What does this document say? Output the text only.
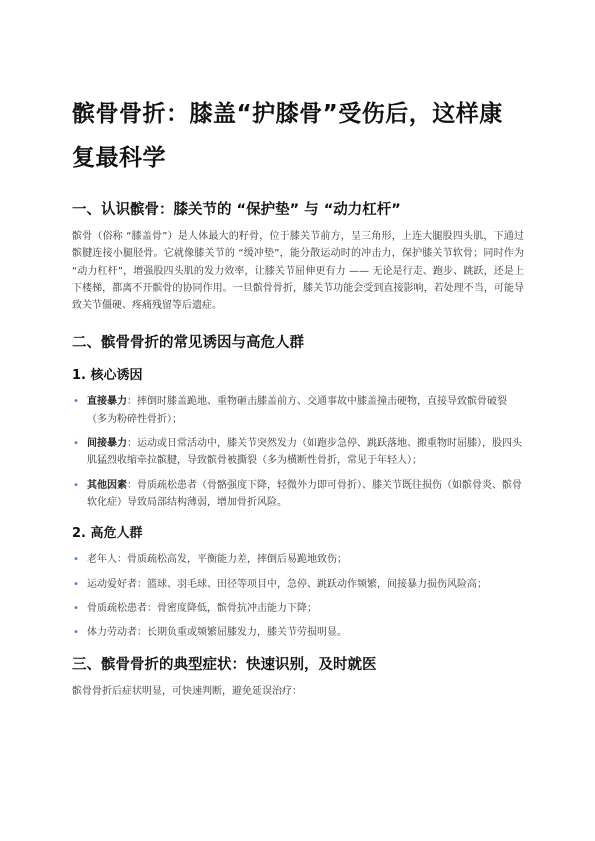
髌骨骨折：膝盖“护膝骨”受伤后，这样康复最科学
一、认识髌骨：膝关节的 “保护垫” 与 “动力杠杆”

髌骨（俗称 “膝盖骨”）是人体最大的籽骨，位于膝关节前方，呈三角形，上连大腿股四头肌，下通过髌腱连接小腿胫骨。它就像膝关节的 “缓冲垫”，能分散运动时的冲击力，保护膝关节软骨；同时作为 “动力杠杆”，增强股四头肌的发力效率，让膝关节屈伸更有力 —— 无论是行走、跑步、跳跃，还是上下楼梯，都离不开髌骨的协同作用。一旦髌骨骨折，膝关节功能会受到直接影响，若处理不当，可能导致关节僵硬、疼痛残留等后遗症。

二、髌骨骨折的常见诱因与高危人群
1. 核心诱因
• 直接暴力：摔倒时膝盖跪地、重物砸击膝盖前方、交通事故中膝盖撞击硬物，直接导致髌骨破裂（多为粉碎性骨折）；
• 间接暴力：运动或日常活动中，膝关节突然发力（如跑步急停、跳跃落地、搬重物时屈膝），股四头肌猛烈收缩牵拉髌腱，导致髌骨被撕裂（多为横断性骨折，常见于年轻人）；
• 其他因素：骨质疏松患者（骨骼强度下降，轻微外力即可骨折）、膝关节既往损伤（如髌骨炎、髌骨软化症）导致局部结构薄弱，增加骨折风险。
2. 高危人群
• 老年人：骨质疏松高发，平衡能力差，摔倒后易跪地致伤；
• 运动爱好者：篮球、羽毛球、田径等项目中，急停、跳跃动作频繁，间接暴力损伤风险高；
• 骨质疏松患者：骨密度降低，髌骨抗冲击能力下降；
• 体力劳动者：长期负重或频繁屈膝发力，膝关节劳损明显。
三、髌骨骨折的典型症状：快速识别，及时就医

髌骨骨折后症状明显，可快速判断，避免延误治疗：
